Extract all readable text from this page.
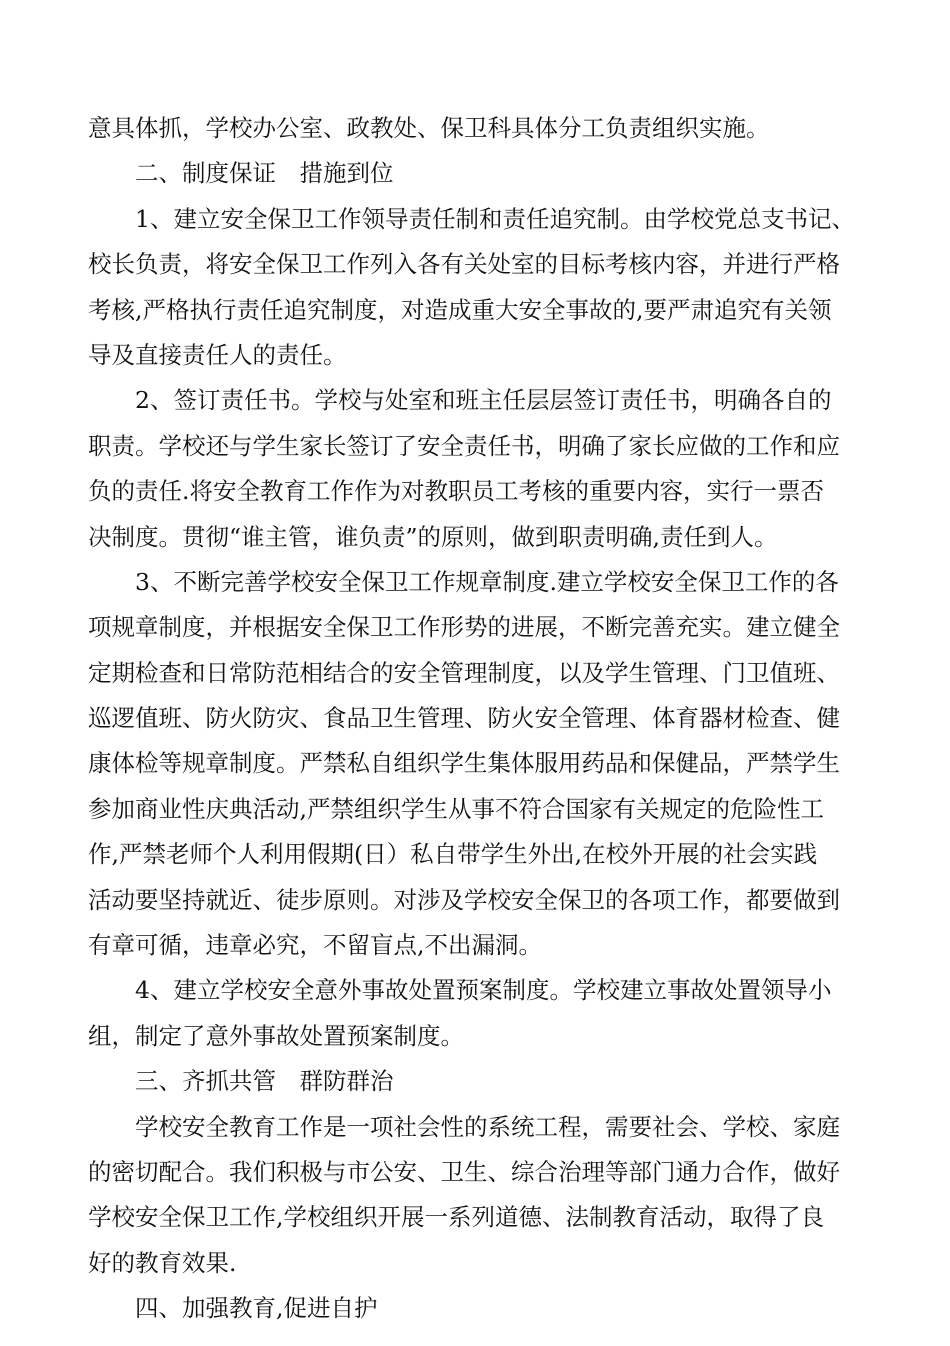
意具体抓，学校办公室、政教处、保卫科具体分工负责组织实施。
二、制度保证　措施到位
1、建立安全保卫工作领导责任制和责任追究制。由学校党总支书记、
校长负责，将安全保卫工作列入各有关处室的目标考核内容，并进行严格
考核,严格执行责任追究制度，对造成重大安全事故的,要严肃追究有关领
导及直接责任人的责任。
2、签订责任书。学校与处室和班主任层层签订责任书，明确各自的
职责。学校还与学生家长签订了安全责任书，明确了家长应做的工作和应
负的责任.将安全教育工作作为对教职员工考核的重要内容，实行一票否
决制度。贯彻“谁主管，谁负责”的原则，做到职责明确,责任到人。
3、不断完善学校安全保卫工作规章制度.建立学校安全保卫工作的各
项规章制度，并根据安全保卫工作形势的进展，不断完善充实。建立健全
定期检查和日常防范相结合的安全管理制度，以及学生管理、门卫值班、
巡逻值班、防火防灾、食品卫生管理、防火安全管理、体育器材检查、健
康体检等规章制度。严禁私自组织学生集体服用药品和保健品，严禁学生
参加商业性庆典活动,严禁组织学生从事不符合国家有关规定的危险性工
作,严禁老师个人利用假期(日）私自带学生外出,在校外开展的社会实践
活动要坚持就近、徒步原则。对涉及学校安全保卫的各项工作，都要做到
有章可循，违章必究，不留盲点,不出漏洞。
4、建立学校安全意外事故处置预案制度。学校建立事故处置领导小
组，制定了意外事故处置预案制度。
三、齐抓共管　群防群治
学校安全教育工作是一项社会性的系统工程，需要社会、学校、家庭
的密切配合。我们积极与市公安、卫生、综合治理等部门通力合作，做好
学校安全保卫工作,学校组织开展一系列道德、法制教育活动，取得了良
好的教育效果.
四、加强教育,促进自护
